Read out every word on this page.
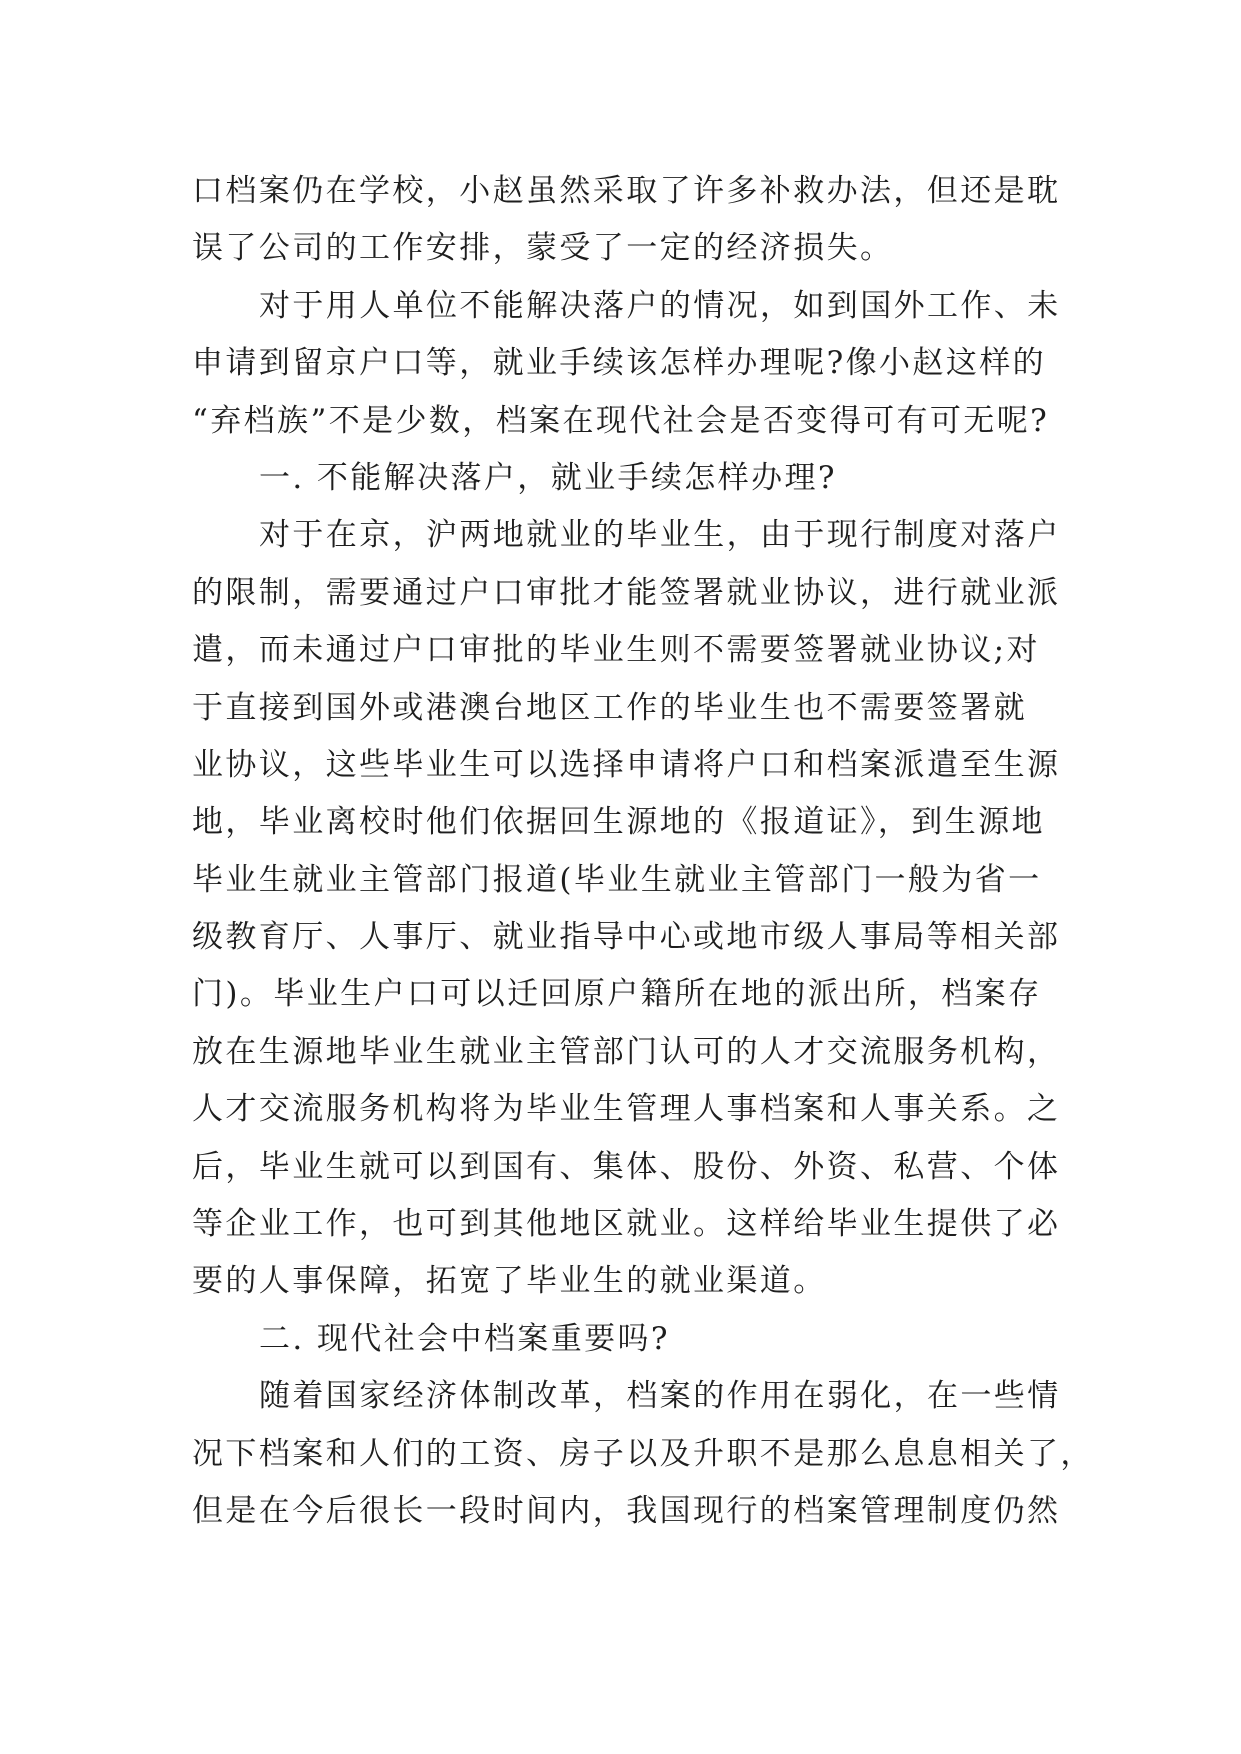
口档案仍在学校，小赵虽然采取了许多补救办法，但还是耽
误了公司的工作安排，蒙受了一定的经济损失。
对于用人单位不能解决落户的情况，如到国外工作、未
申请到留京户口等，就业手续该怎样办理呢?像小赵这样的
“弃档族”不是少数，档案在现代社会是否变得可有可无呢?
一. 不能解决落户，就业手续怎样办理?
对于在京，沪两地就业的毕业生，由于现行制度对落户
的限制，需要通过户口审批才能签署就业协议，进行就业派
遣，而未通过户口审批的毕业生则不需要签署就业协议;对
于直接到国外或港澳台地区工作的毕业生也不需要签署就
业协议，这些毕业生可以选择申请将户口和档案派遣至生源
地，毕业离校时他们依据回生源地的《报道证》，到生源地
毕业生就业主管部门报道(毕业生就业主管部门一般为省一
级教育厅、人事厅、就业指导中心或地市级人事局等相关部
门)。毕业生户口可以迁回原户籍所在地的派出所，档案存
放在生源地毕业生就业主管部门认可的人才交流服务机构，
人才交流服务机构将为毕业生管理人事档案和人事关系。之
后，毕业生就可以到国有、集体、股份、外资、私营、个体
等企业工作，也可到其他地区就业。这样给毕业生提供了必
要的人事保障，拓宽了毕业生的就业渠道。
二. 现代社会中档案重要吗?
随着国家经济体制改革，档案的作用在弱化，在一些情
况下档案和人们的工资、房子以及升职不是那么息息相关了，
但是在今后很长一段时间内，我国现行的档案管理制度仍然
